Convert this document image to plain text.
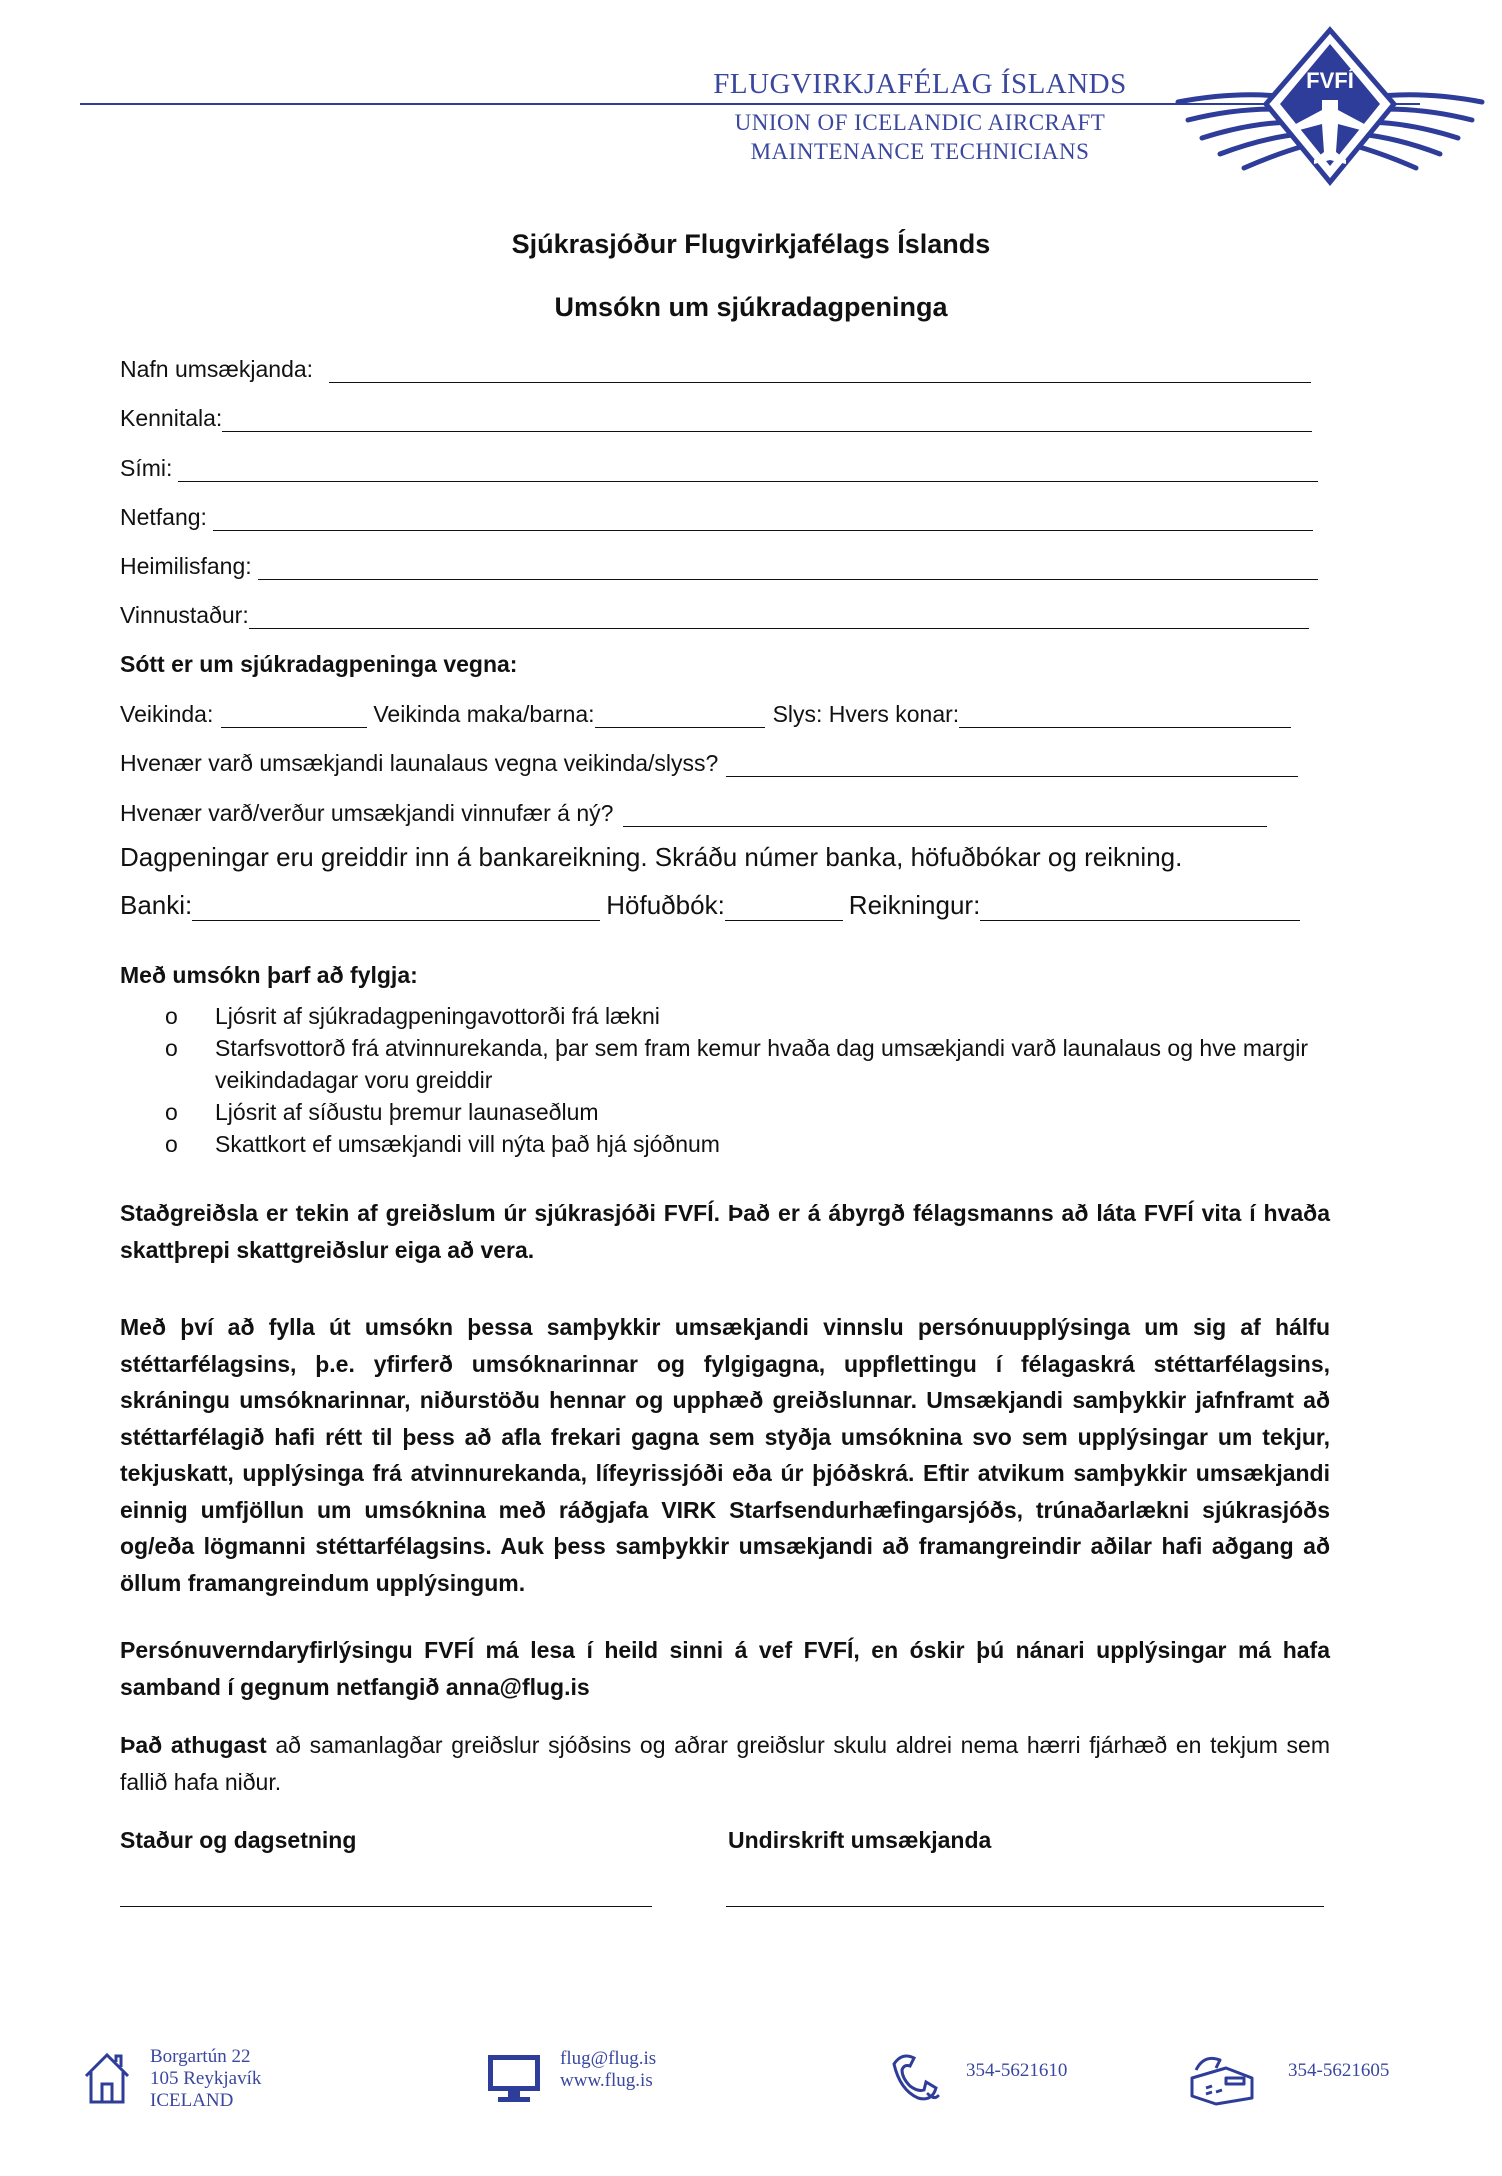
FLUGVIRKJAFÉLAG ÍSLANDS
UNION OF ICELANDIC AIRCRAFT
MAINTENANCE TECHNICIANS
FVFÍ
Sjúkrasjóður Flugvirkjafélags Íslands
Umsókn um sjúkradagpeninga
Nafn umsækjanda:
Kennitala:
Sími:
Netfang:
Heimilisfang:
Vinnustaður:
Sótt er um sjúkradagpeninga vegna:
Veikinda:	Veikinda maka/barna:	Slys: Hvers konar:
Hvenær varð umsækjandi launalaus vegna veikinda/slyss?
Hvenær varð/verður umsækjandi vinnufær á ný?
Dagpeningar eru greiddir inn á bankareikning. Skráðu númer banka, höfuðbókar og reikning.
Banki:	Höfuðbók:	Reikningur:
Með umsókn þarf að fylgja:
o Ljósrit af sjúkradagpeningavottorði frá lækni
o Starfsvottorð frá atvinnurekanda, þar sem fram kemur hvaða dag umsækjandi varð launalaus og hve margir veikindadagar voru greiddir
o Ljósrit af síðustu þremur launaseðlum
o Skattkort ef umsækjandi vill nýta það hjá sjóðnum
Staðgreiðsla er tekin af greiðslum úr sjúkrasjóði FVFÍ. Það er á ábyrgð félagsmanns að láta FVFÍ vita í hvaða skattþrepi skattgreiðslur eiga að vera.
Með því að fylla út umsókn þessa samþykkir umsækjandi vinnslu persónuupplýsinga um sig af hálfu stéttarfélagsins, þ.e. yfirferð umsóknarinnar og fylgigagna, uppflettingu í félagaskrá stéttarfélagsins, skráningu umsóknarinnar, niðurstöðu hennar og upphæð greiðslunnar. Umsækjandi samþykkir jafnframt að stéttarfélagið hafi rétt til þess að afla frekari gagna sem styðja umsóknina svo sem upplýsingar um tekjur, tekjuskatt, upplýsinga frá atvinnurekanda, lífeyrissjóði eða úr þjóðskrá. Eftir atvikum samþykkir umsækjandi einnig umfjöllun um umsóknina með ráðgjafa VIRK Starfsendurhæfingarsjóðs, trúnaðarlækni sjúkrasjóðs og/eða lögmanni stéttarfélagsins. Auk þess samþykkir umsækjandi að framangreindir aðilar hafi aðgang að öllum framangreindum upplýsingum.
Persónuverndaryfirlýsingu FVFÍ má lesa í heild sinni á vef FVFÍ, en óskir þú nánari upplýsingar má hafa samband í gegnum netfangið anna@flug.is
Það athugast að samanlagðar greiðslur sjóðsins og aðrar greiðslur skulu aldrei nema hærri fjárhæð en tekjum sem fallið hafa niður.
Staður og dagsetning	Undirskrift umsækjanda
Borgartún 22
105 Reykjavík
ICELAND
flug@flug.is
www.flug.is	354-5621610	354-5621605
